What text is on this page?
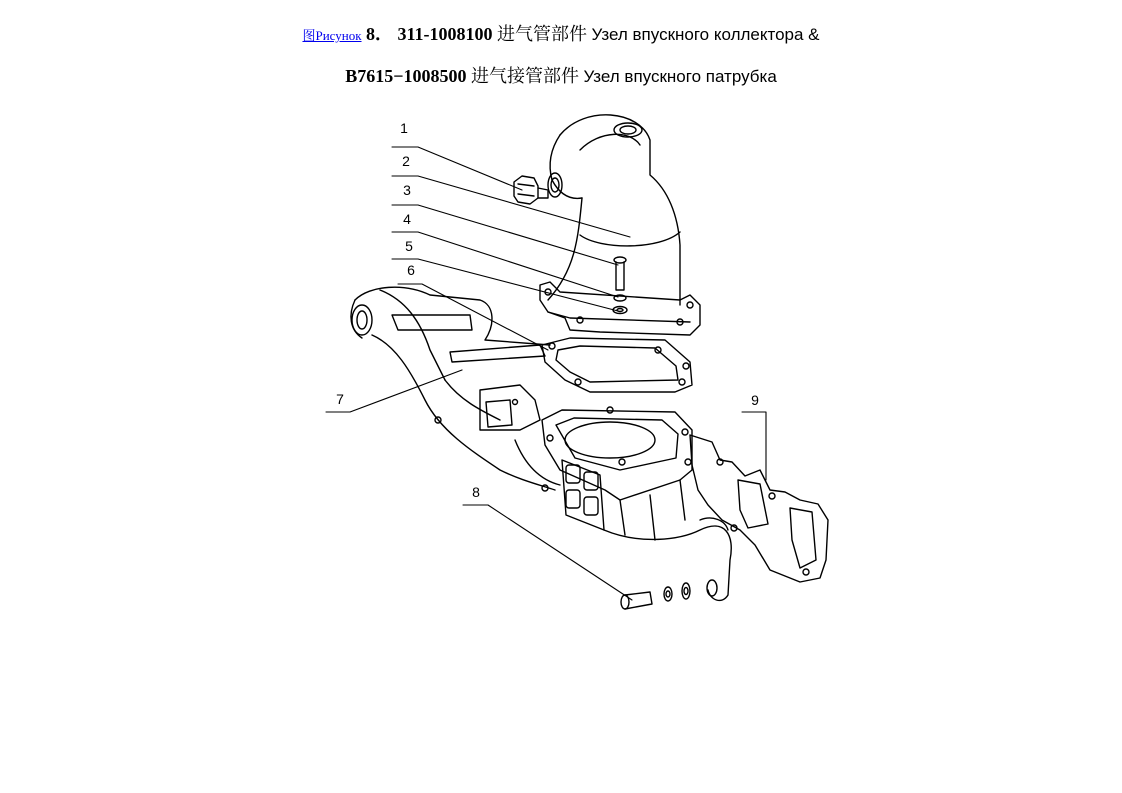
图Рисунок 8． 311-1008100 进气管部件 Узел впускного коллектора &
B7615−1008500 进气接管部件 Узел впускного патрубка
1
2
3
4
5
6
7
8
9
